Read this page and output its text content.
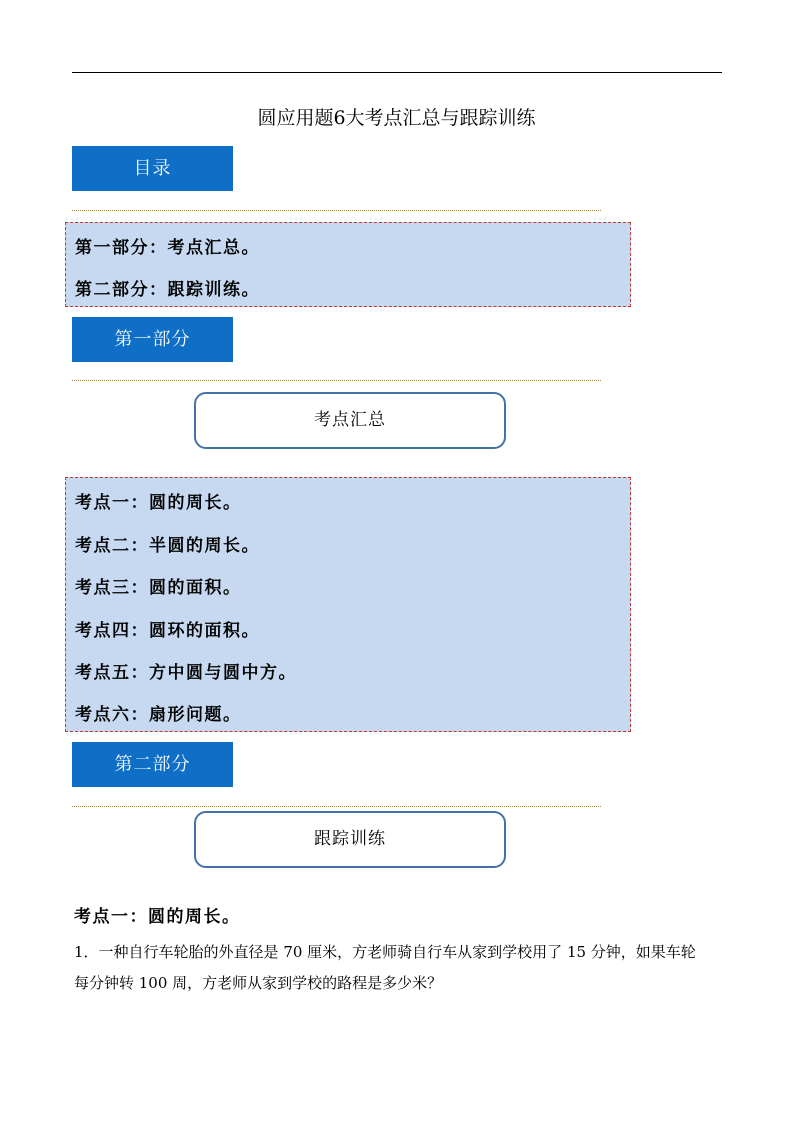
圆应用题6大考点汇总与跟踪训练
目录
第一部分：考点汇总。
第二部分：跟踪训练。
第一部分
考点汇总
考点一：圆的周长。
考点二：半圆的周长。
考点三：圆的面积。
考点四：圆环的面积。
考点五：方中圆与圆中方。
考点六：扇形问题。
第二部分
跟踪训练
考点一：圆的周长。
1．一种自行车轮胎的外直径是 70 厘米，方老师骑自行车从家到学校用了 15 分钟，如果车轮
每分钟转 100 周，方老师从家到学校的路程是多少米？
